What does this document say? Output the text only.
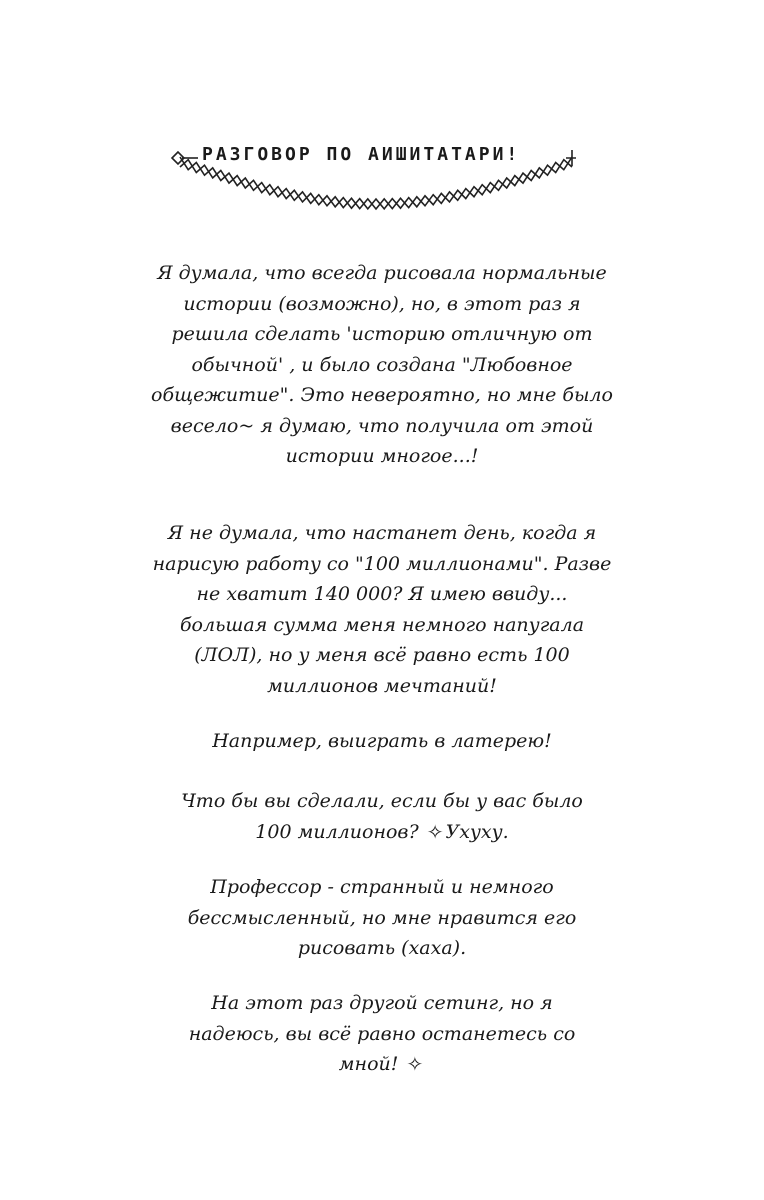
РАЗГОВОР ПО АИШИТАТАРИ!

Я думала, что всегда рисовала нормальные истории (возможно), но, в этот раз я решила сделать 'историю отличную от обычной' , и было создана "Любовное общежитие". Это невероятно, но мне было весело~ я думаю, что получила от этой истории многое...!

Я не думала, что настанет день, когда я нарисую работу со "100 миллионами". Разве не хватит 140 000? Я имею ввиду... большая сумма меня немного напугала (ЛОЛ), но у меня всё равно есть 100 миллионов мечтаний!

Например, выиграть в латерею!

Что бы вы сделали, если бы у вас было 100 миллионов? ✧ Ухуху.

Профессор - странный и немного бессмысленный, но мне нравится его рисовать (хаха).

На этот раз другой сетинг, но я надеюсь, вы всё равно останетесь со мной! ✧
